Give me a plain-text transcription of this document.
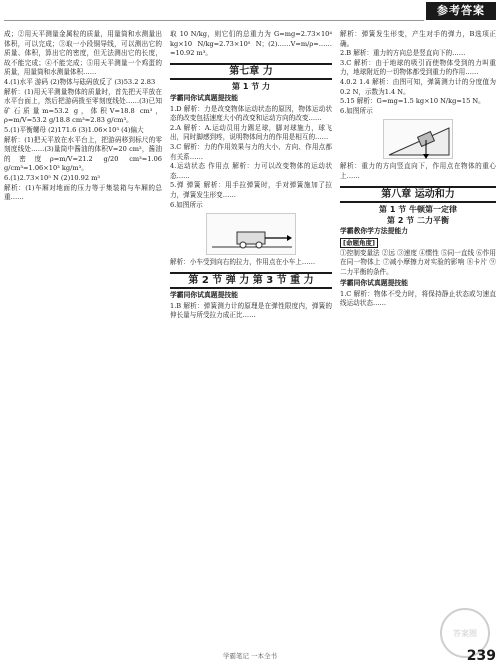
参考答案

成；②用天平测量金属粒的质量，用量筒和水测量出体积，可以完成；③取一小段铜导线，可以测出它的质量、体积，算出它的密度，但无法测出它的长度，故不能完成；④不能完成；⑤用天平测量一个鸡蛋的质量，用量筒和水测量体积……

4.(1)水平 游码 (2)物体与砝码放反了 (3)53.2 2.83

解析：(1)用天平测量物体的质量时，首先把天平放在水平台面上，然后把游码拨至零刻度线处……(3)已知矿石质量m=53.2 g，体积V=18.8 cm³，ρ=m/V=53.2 g/18.8 cm³≈2.83 g/cm³。

5.(1)平衡螺母 (2)171.6 (3)1.06×10³ (4)偏大

解析：(1)把天平放在水平台上，把游码移到标尺的零刻度线处……(3)量筒中酱油的体积V=20 cm³，酱油的密度ρ=m/V=21.2 g/20 cm³=1.06 g/cm³=1.06×10³ kg/m³。

6.(1)2.73×10⁵ N (2)10.92 m³

解析：(1)车厢对地面的压力等于集装箱与车厢的总重……

取 10 N/kg，则它们的总重力为 G=mg=2.73×10⁴ kg×10 N/kg=2.73×10⁵ N；(2)……V=m/ρ=……≈10.92 m³。

第七章 力
第 1 节 力
学霸同你试真题提技能

1.D 解析：力是改变物体运动状态的原因，物体运动状态的改变包括速度大小的改变和运动方向的改变……

2.A 解析：A.运动员用力踢足球，脚对球施力，球飞出，同时脚感到疼，说明物体间力的作用是相互的……

3.C 解析：力的作用效果与力的大小、方向、作用点都有关系……

4.运动状态 作用点 解析：力可以改变物体的运动状态……

5.弹 弹簧 解析：用手拉弹簧时，手对弹簧施加了拉力，弹簧发生形变……

6.如图所示

解析：小车受到向右的拉力，作用点在小车上……

第 2 节 弹 力 第 3 节 重 力
学霸同你试真题提技能

1.B 解析：弹簧测力计的原理是在弹性限度内，弹簧的伸长量与所受拉力成正比……

解析：弹簧发生形变，产生对手的弹力，B选项正确。

2.B 解析：重力的方向总是竖直向下的……

3.C 解析：由于地球的吸引而使物体受到的力叫重力，地球附近的一切物体都受到重力的作用……

4.0.2 1.4 解析：由图可知，弹簧测力计的分度值为0.2 N，示数为1.4 N。

5.15 解析：G=mg=1.5 kg×10 N/kg=15 N。

6.如图所示

解析：重力的方向竖直向下，作用点在物体的重心上……

第八章 运动和力
第 1 节 牛顿第一定律
第 2 节 二力平衡
学霸教你学方法提能力
[命题角度]

①控制变量法 ②远 ③速度 ④惯性 ⑤同一直线 ⑥作用在同一物体上 ⑦减小摩擦力对实验的影响 ⑧卡片 ⑨二力平衡的条件。

学霸同你试真题提技能

1.C 解析：物体不受力时，将保持静止状态或匀速直线运动状态……

学霸笔记 一本全书
答案圈
239
